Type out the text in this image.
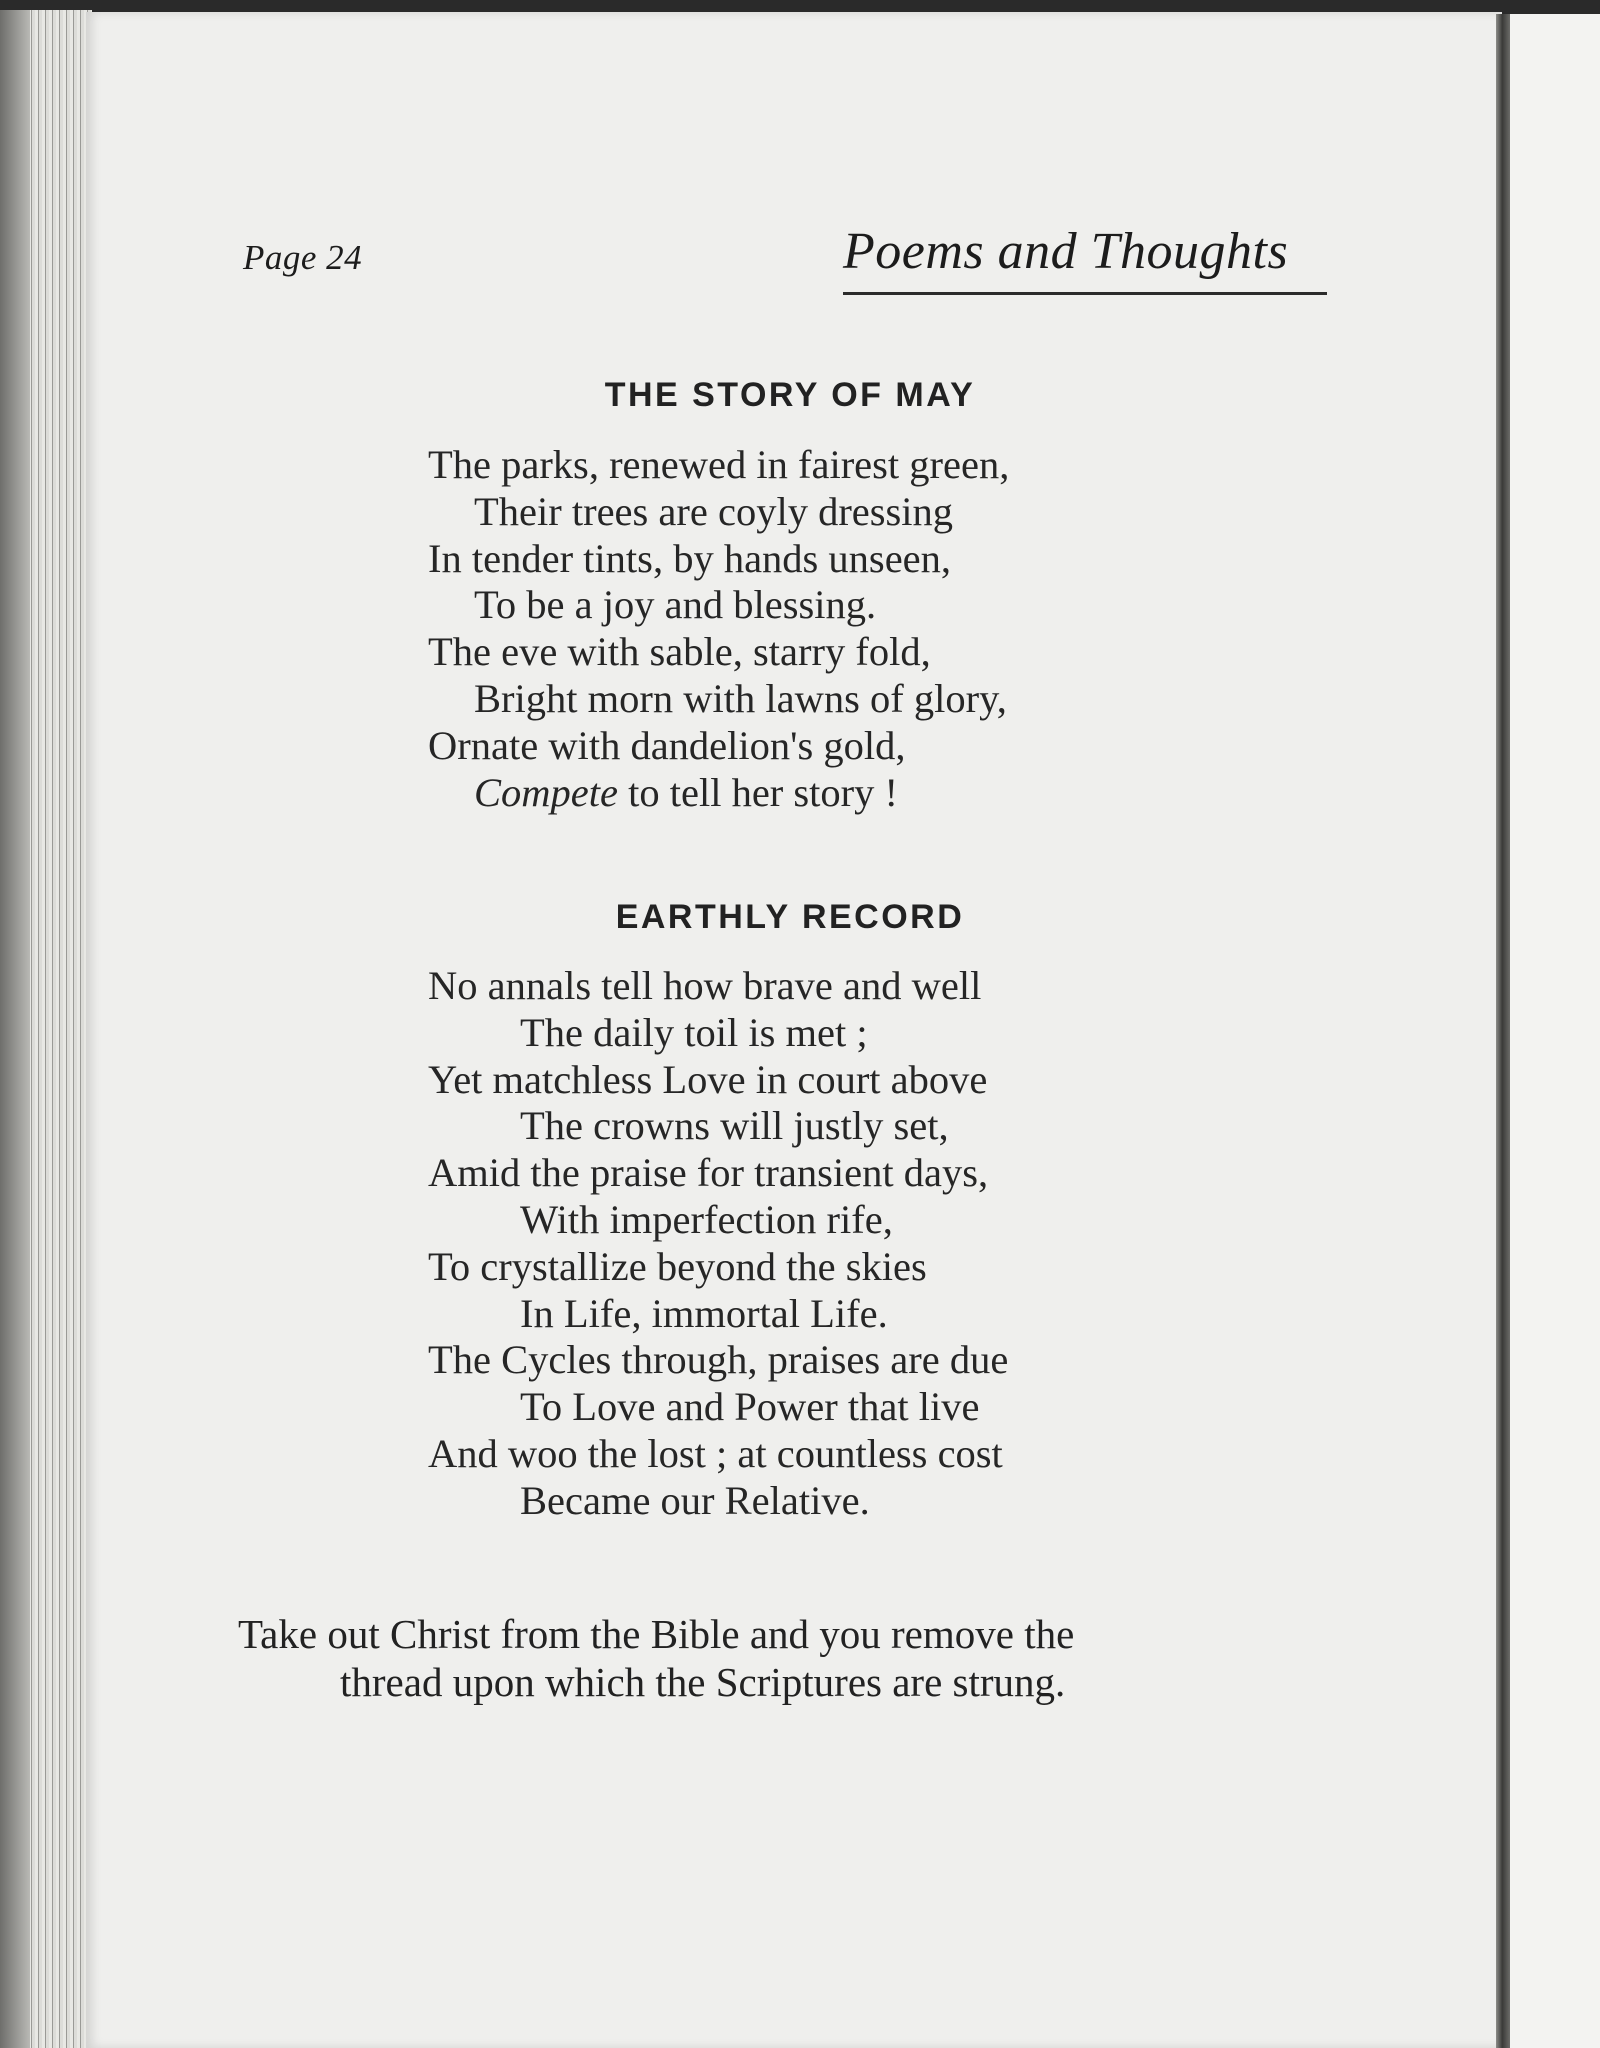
Page 24	Poems and Thoughts
THE STORY OF MAY
The parks, renewed in fairest green,
Their trees are coyly dressing
In tender tints, by hands unseen,
To be a joy and blessing.
The eve with sable, starry fold,
Bright morn with lawns of glory,
Ornate with dandelion's gold,
Compete to tell her story !
EARTHLY RECORD
No annals tell how brave and well
The daily toil is met ;
Yet matchless Love in court above
The crowns will justly set,
Amid the praise for transient days,
With imperfection rife,
To crystallize beyond the skies
In Life, immortal Life.
The Cycles through, praises are due
To Love and Power that live
And woo the lost ; at countless cost
Became our Relative.
Take out Christ from the Bible and you remove the
thread upon which the Scriptures are strung.
